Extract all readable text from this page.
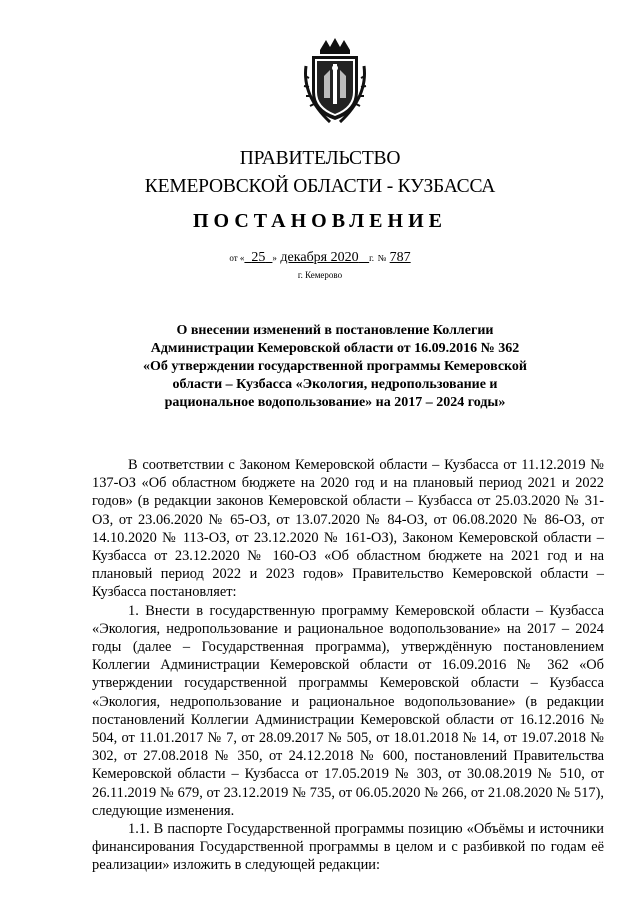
ПРАВИТЕЛЬСТВО
КЕМЕРОВСКОЙ ОБЛАСТИ - КУЗБАССА
ПОСТАНОВЛЕНИЕ
от « 25 » декабря 2020 г. № 787
г. Кемерово
О внесении изменений в постановление Коллегии Администрации Кемеровской области от 16.09.2016 № 362 «Об утверждении государственной программы Кемеровской области – Кузбасса «Экология, недропользование и рациональное водопользование» на 2017 – 2024 годы»

В соответствии с Законом Кемеровской области – Кузбасса от 11.12.2019 № 137-ОЗ «Об областном бюджете на 2020 год и на плановый период 2021 и 2022 годов» (в редакции законов Кемеровской области – Кузбасса от 25.03.2020 № 31-ОЗ, от 23.06.2020 № 65-ОЗ, от 13.07.2020 № 84-ОЗ, от 06.08.2020 № 86-ОЗ, от 14.10.2020 № 113-ОЗ, от 23.12.2020 № 161-ОЗ), Законом Кемеровской области – Кузбасса от 23.12.2020 № 160-ОЗ «Об областном бюджете на 2021 год и на плановый период 2022 и 2023 годов» Правительство Кемеровской области – Кузбасса постановляет:

1. Внести в государственную программу Кемеровской области – Кузбасса «Экология, недропользование и рациональное водопользование» на 2017 – 2024 годы (далее – Государственная программа), утверждённую постановлением Коллегии Администрации Кемеровской области от 16.09.2016 № 362 «Об утверждении государственной программы Кемеровской области – Кузбасса «Экология, недропользование и рациональное водопользование» (в редакции постановлений Коллегии Администрации Кемеровской области от 16.12.2016 № 504, от 11.01.2017 № 7, от 28.09.2017 № 505, от 18.01.2018 № 14, от 19.07.2018 № 302, от 27.08.2018 № 350, от 24.12.2018 № 600, постановлений Правительства Кемеровской области – Кузбасса от 17.05.2019 № 303, от 30.08.2019 № 510, от 26.11.2019 № 679, от 23.12.2019 № 735, от 06.05.2020 № 266, от 21.08.2020 № 517), следующие изменения.

1.1. В паспорте Государственной программы позицию «Объёмы и источники финансирования Государственной программы в целом и с разбивкой по годам её реализации» изложить в следующей редакции:
